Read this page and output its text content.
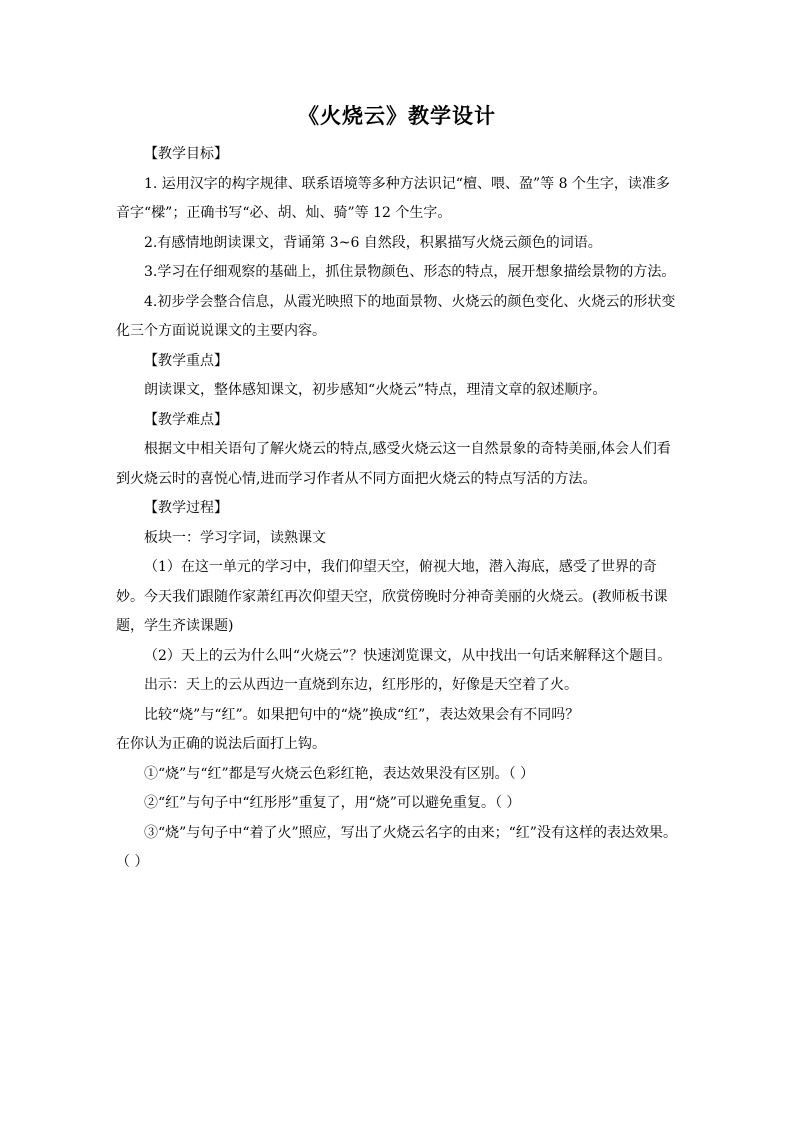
《火烧云》教学设计

【教学目标】

1. 运用汉字的构字规律、联系语境等多种方法识记“檀、喂、盈”等 8 个生字，读准多音字“樑”；正确书写“必、胡、灿、骑”等 12 个生字。

2.有感情地朗读课文，背诵第 3~6 自然段，积累描写火烧云颜色的词语。

3.学习在仔细观察的基础上，抓住景物颜色、形态的特点，展开想象描绘景物的方法。

4.初步学会整合信息，从霞光映照下的地面景物、火烧云的颜色变化、火烧云的形状变化三个方面说说课文的主要内容。

【教学重点】

朗读课文，整体感知课文，初步感知“火烧云”特点，理清文章的叙述顺序。

【教学难点】

根据文中相关语句了解火烧云的特点,感受火烧云这一自然景象的奇特美丽,体会人们看到火烧云时的喜悦心情,进而学习作者从不同方面把火烧云的特点写活的方法。

【教学过程】

板块一：学习字词，读熟课文

（1）在这一单元的学习中，我们仰望天空，俯视大地，潜入海底，感受了世界的奇妙。今天我们跟随作家萧红再次仰望天空，欣赏傍晚时分神奇美丽的火烧云。(教师板书课题，学生齐读课题)

（2）天上的云为什么叫“火烧云”？快速浏览课文，从中找出一句话来解释这个题目。

出示：天上的云从西边一直烧到东边，红彤彤的，好像是天空着了火。

比较“烧”与“红”。如果把句中的“烧”换成“红”，表达效果会有不同吗？

在你认为正确的说法后面打上钩。

①“烧”与“红”都是写火烧云色彩红艳，表达效果没有区别。（ ）

②“红”与句子中“红彤彤”重复了，用“烧”可以避免重复。（ ）

③“烧”与句子中“着了火”照应，写出了火烧云名字的由来；“红”没有这样的表达效果。（ ）
